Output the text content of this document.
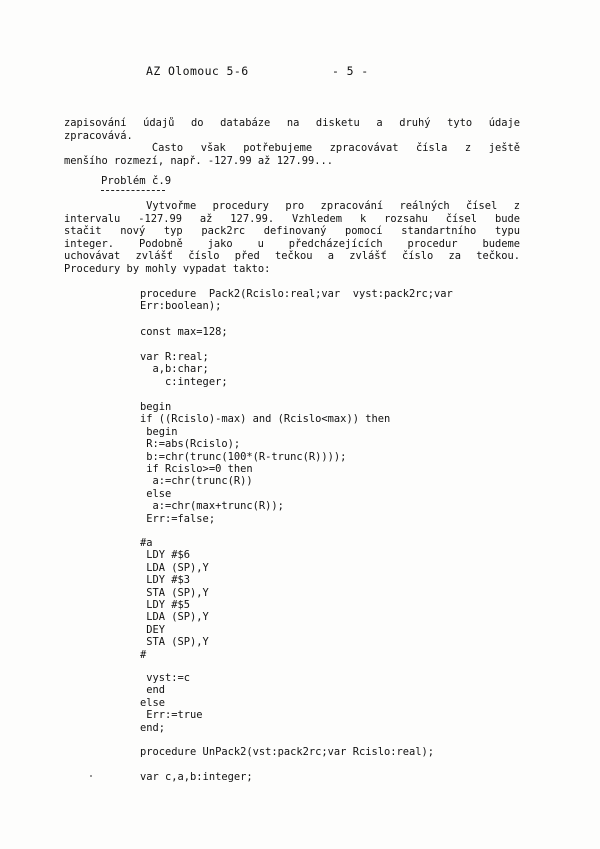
AZ Olomouc 5-6	- 5 -
zapisování údajů do databáze na disketu a druhý tyto údaje
zpracovává.
Často však potřebujeme zpracovávat čísla z ještě
menšího rozmezí, např. -127.99 až 127.99...
Problém č.9
Vytvořme procedury pro zpracování reálných čísel z
intervalu -127.99 až 127.99. Vzhledem k rozsahu čísel bude
stačit nový typ pack2rc definovaný pomocí standartního typu
integer. Podobně jako u předcházejících procedur budeme
uchovávat zvlášť číslo před tečkou a zvlášť číslo za tečkou.
Procedury by mohly vypadat takto:
procedure  Pack2(Rcislo:real;var  vyst:pack2rc;var
Err:boolean);
const max=128;
var R:real;
a,b:char;
c:integer;
begin
if ((Rcislo)-max) and (Rcislo<max)) then
begin
R:=abs(Rcislo);
b:=chr(trunc(100*(R-trunc(R))));
if Rcislo>=0 then
a:=chr(trunc(R))
else
a:=chr(max+trunc(R));
Err:=false;
#a
LDY #$6
LDA (SP),Y
LDY #$3
STA (SP),Y
LDY #$5
LDA (SP),Y
DEY
STA (SP),Y
#
vyst:=c
end
else
Err:=true
end;
procedure UnPack2(vst:pack2rc;var Rcislo:real);
var c,a,b:integer;
